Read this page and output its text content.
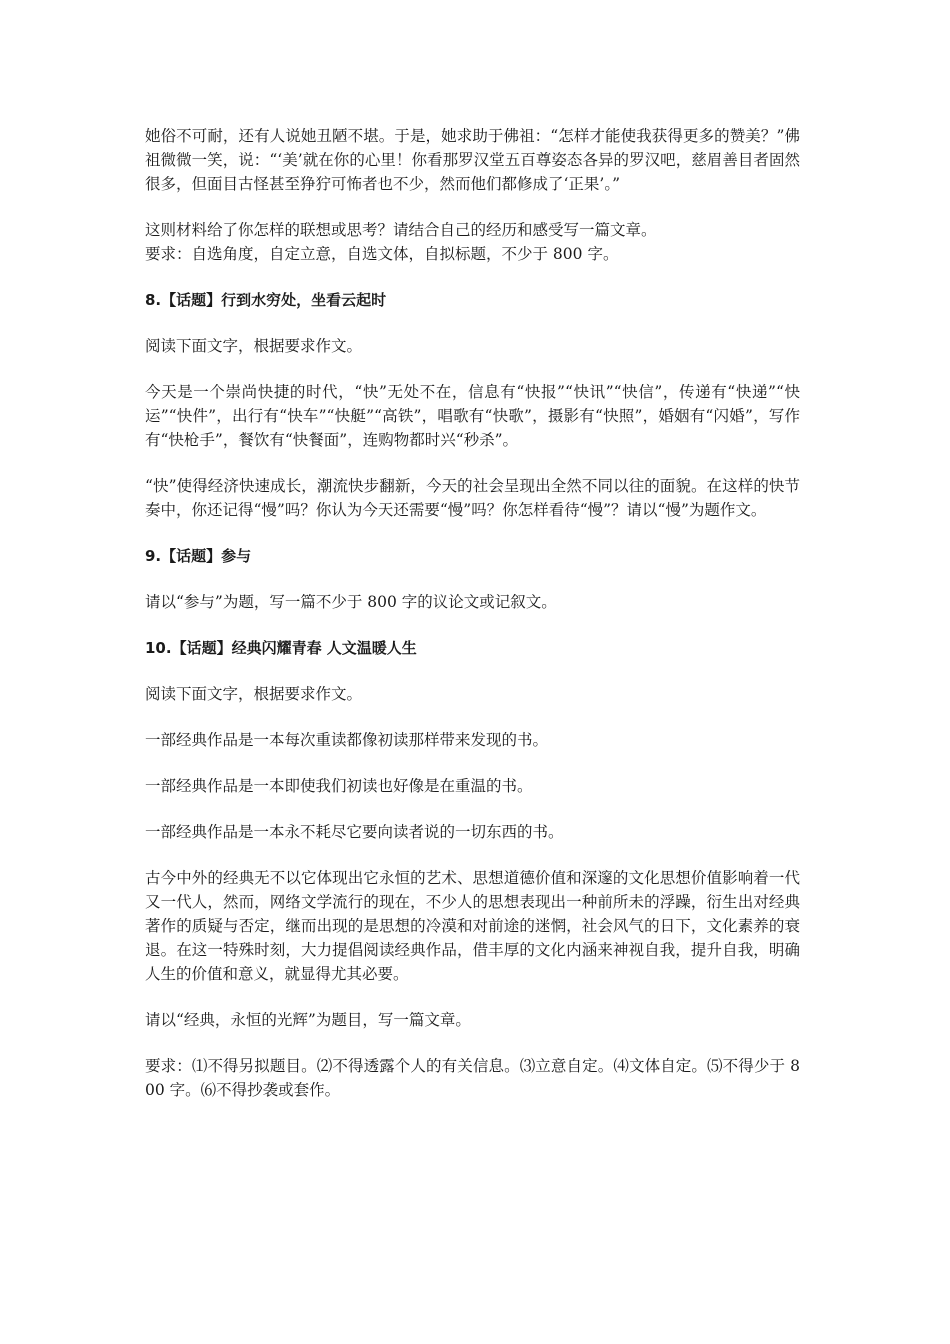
她俗不可耐，还有人说她丑陋不堪。于是，她求助于佛祖：“怎样才能使我获得更多的赞美？”佛祖微微一笑，说：“‘美’就在你的心里！你看那罗汉堂五百尊姿态各异的罗汉吧，慈眉善目者固然很多，但面目古怪甚至狰狞可怖者也不少，然而他们都修成了‘正果’。”

这则材料给了你怎样的联想或思考？请结合自己的经历和感受写一篇文章。

要求：自选角度，自定立意，自选文体，自拟标题，不少于 800 字。

8.【话题】行到水穷处，坐看云起时

阅读下面文字，根据要求作文。

今天是一个崇尚快捷的时代，“快”无处不在，信息有“快报”“快讯”“快信”，传递有“快递”“快运”“快件”，出行有“快车”“快艇”“高铁”，唱歌有“快歌”，摄影有“快照”，婚姻有“闪婚”，写作有“快枪手”，餐饮有“快餐面”，连购物都时兴“秒杀”。

“快”使得经济快速成长，潮流快步翻新，今天的社会呈现出全然不同以往的面貌。在这样的快节奏中，你还记得“慢”吗？你认为今天还需要“慢”吗？你怎样看待“慢”？请以“慢”为题作文。

9.【话题】参与

请以“参与”为题，写一篇不少于 800 字的议论文或记叙文。

10.【话题】经典闪耀青春 人文温暖人生

阅读下面文字，根据要求作文。

一部经典作品是一本每次重读都像初读那样带来发现的书。

一部经典作品是一本即使我们初读也好像是在重温的书。

一部经典作品是一本永不耗尽它要向读者说的一切东西的书。

古今中外的经典无不以它体现出它永恒的艺术、思想道德价值和深邃的文化思想价值影响着一代又一代人，然而，网络文学流行的现在，不少人的思想表现出一种前所未的浮躁，衍生出对经典著作的质疑与否定，继而出现的是思想的冷漠和对前途的迷惘，社会风气的日下，文化素养的衰退。在这一特殊时刻，大力提倡阅读经典作品，借丰厚的文化内涵来神视自我，提升自我，明确人生的价值和意义，就显得尤其必要。

请以“经典，永恒的光辉”为题目，写一篇文章。

要求：⑴不得另拟题目。⑵不得透露个人的有关信息。⑶立意自定。⑷文体自定。⑸不得少于 800 字。⑹不得抄袭或套作。
